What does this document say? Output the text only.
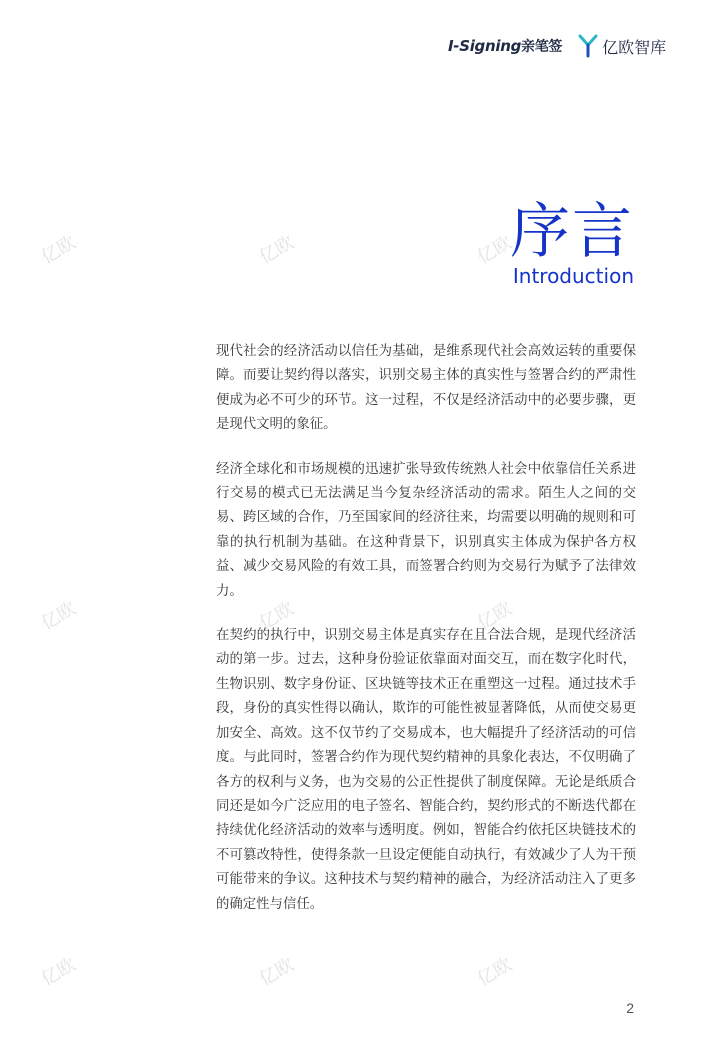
I-Signing亲笔签	亿欧智库
序言
Introduction
亿欧	亿欧	亿欧
亿欧	亿欧	亿欧
亿欧	亿欧	亿欧

现代社会的经济活动以信任为基础，是维系现代社会高效运转的重要保障。而要让契约得以落实，识别交易主体的真实性与签署合约的严肃性便成为必不可少的环节。这一过程，不仅是经济活动中的必要步骤，更是现代文明的象征。

经济全球化和市场规模的迅速扩张导致传统熟人社会中依靠信任关系进行交易的模式已无法满足当今复杂经济活动的需求。陌生人之间的交易、跨区域的合作，乃至国家间的经济往来，均需要以明确的规则和可靠的执行机制为基础。在这种背景下，识别真实主体成为保护各方权益、减少交易风险的有效工具，而签署合约则为交易行为赋予了法律效力。

在契约的执行中，识别交易主体是真实存在且合法合规，是现代经济活动的第一步。过去，这种身份验证依靠面对面交互，而在数字化时代，生物识别、数字身份证、区块链等技术正在重塑这一过程。通过技术手段，身份的真实性得以确认，欺诈的可能性被显著降低，从而使交易更加安全、高效。这不仅节约了交易成本，也大幅提升了经济活动的可信度。与此同时，签署合约作为现代契约精神的具象化表达，不仅明确了各方的权利与义务，也为交易的公正性提供了制度保障。无论是纸质合同还是如今广泛应用的电子签名、智能合约，契约形式的不断迭代都在持续优化经济活动的效率与透明度。例如，智能合约依托区块链技术的不可篡改特性，使得条款一旦设定便能自动执行，有效减少了人为干预可能带来的争议。这种技术与契约精神的融合，为经济活动注入了更多的确定性与信任。

2
